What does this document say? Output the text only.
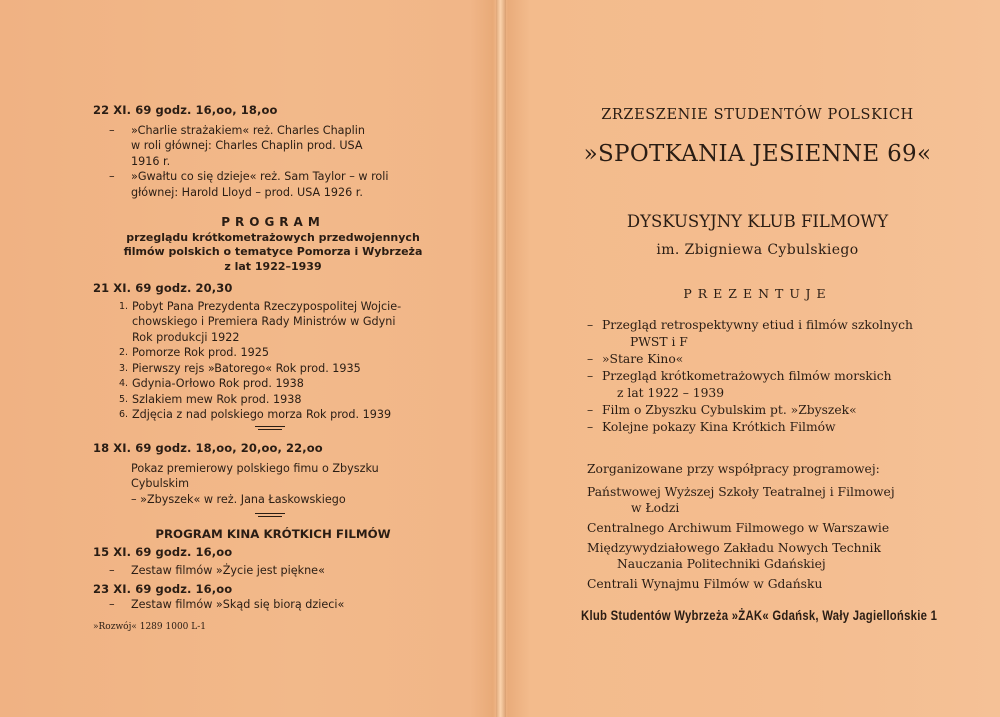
22 XI. 69 godz. 16,oo, 18,oo
–	»Charlie strażakiem« reż. Charles Chaplin
w roli głównej: Charles Chaplin prod. USA
1916 r.
–	»Gwałtu co się dzieje« reż. Sam Taylor – w roli
głównej: Harold Lloyd – prod. USA 1926 r.
PROGRAM
przeglądu krótkometrażowych przedwojennych
filmów polskich o tematyce Pomorza i Wybrzeża
z lat 1922–1939
21 XI. 69 godz. 20,30
1. Pobyt Pana Prezydenta Rzeczypospolitej Wojcie-
chowskiego i Premiera Rady Ministrów w Gdyni
Rok produkcji 1922
2. Pomorze Rok prod. 1925
3. Pierwszy rejs »Batorego« Rok prod. 1935
4. Gdynia-Orłowo Rok prod. 1938
5. Szlakiem mew Rok prod. 1938
6. Zdjęcia z nad polskiego morza Rok prod. 1939
18 XI. 69 godz. 18,oo, 20,oo, 22,oo
Pokaz premierowy polskiego fimu o Zbyszku
Cybulskim
– »Zbyszek« w reż. Jana Łaskowskiego
PROGRAM KINA KRÓTKICH FILMÓW
15 XI. 69 godz. 16,oo
–	Zestaw filmów »Życie jest piękne«
23 XI. 69 godz. 16,oo
–	Zestaw filmów »Skąd się biorą dzieci«
»Rozwój« 1289 1000 L-1
ZRZESZENIE STUDENTÓW POLSKICH
»SPOTKANIA JESIENNE 69«
DYSKUSYJNY KLUB FILMOWY
im. Zbigniewa Cybulskiego
PREZENTUJE
– Przegląd retrospektywny etiud i filmów szkolnych
PWST i F
– »Stare Kino«
– Przegląd krótkometrażowych filmów morskich
z lat 1922 – 1939
– Film o Zbyszku Cybulskim pt. »Zbyszek«
– Kolejne pokazy Kina Krótkich Filmów
Zorganizowane przy współpracy programowej:
Państwowej Wyższej Szkoły Teatralnej i Filmowej
w Łodzi
Centralnego Archiwum Filmowego w Warszawie
Międzywydziałowego Zakładu Nowych Technik
Nauczania Politechniki Gdańskiej
Centrali Wynajmu Filmów w Gdańsku
Klub Studentów Wybrzeża »ŻAK« Gdańsk, Wały Jagiellońskie 1
